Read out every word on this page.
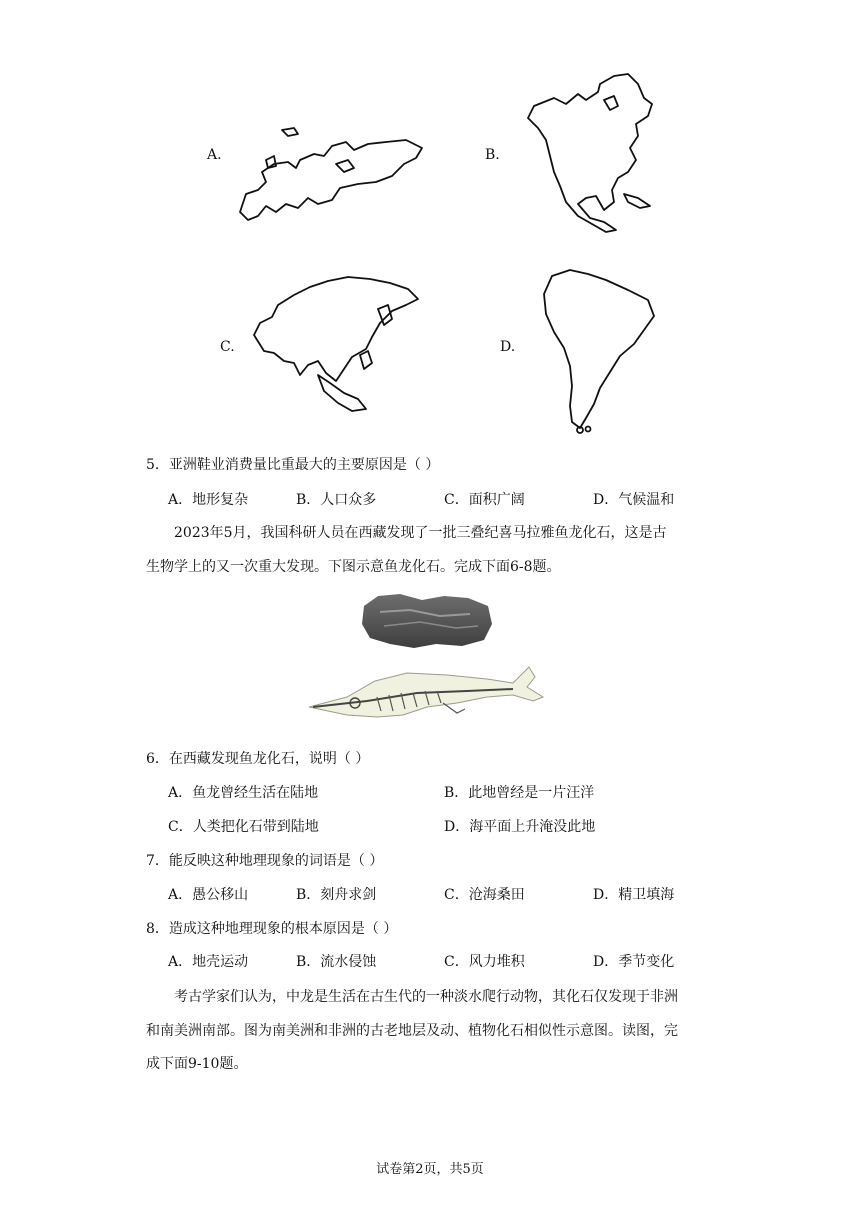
A.	B.
C.	D.
5．亚洲鞋业消费量比重最大的主要原因是（ ）
A．地形复杂	B．人口众多	C．面积广阔	D．气候温和
2023年5月，我国科研人员在西藏发现了一批三叠纪喜马拉雅鱼龙化石，这是古
生物学上的又一次重大发现。下图示意鱼龙化石。完成下面6-8题。
6．在西藏发现鱼龙化石，说明（ ）
A．鱼龙曾经生活在陆地	B．此地曾经是一片汪洋
C．人类把化石带到陆地	D．海平面上升淹没此地
7．能反映这种地理现象的词语是（ ）
A．愚公移山	B．刻舟求剑	C．沧海桑田	D．精卫填海
8．造成这种地理现象的根本原因是（ ）
A．地壳运动	B．流水侵蚀	C．风力堆积	D．季节变化
考古学家们认为，中龙是生活在古生代的一种淡水爬行动物，其化石仅发现于非洲
和南美洲南部。图为南美洲和非洲的古老地层及动、植物化石相似性示意图。读图，完
成下面9-10题。
试卷第2页，共5页
